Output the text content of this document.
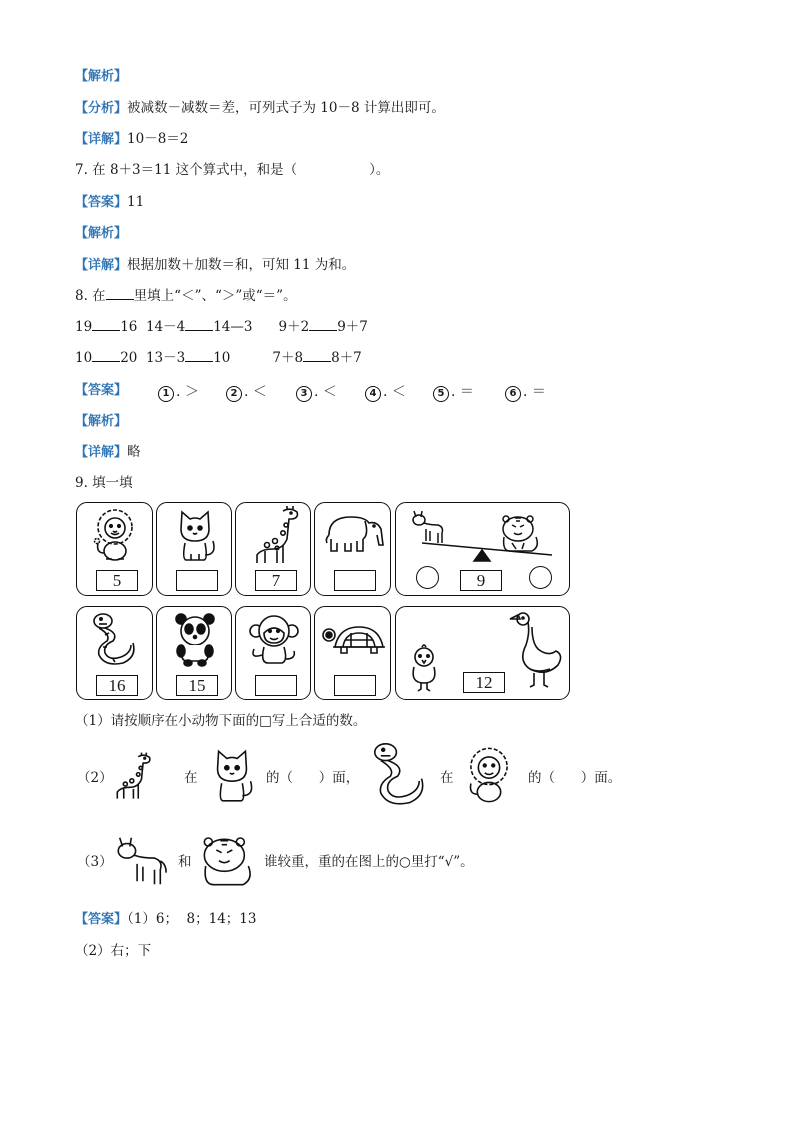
【解析】
【分析】被减数－减数＝差，可列式子为 10－8 计算出即可。
【详解】10－8＝2
7. 在 8＋3＝11 这个算式中，和是（	）。
【答案】11
【解析】
【详解】根据加数＋加数＝和，可知 11 为和。
8. 在 里填上“＜”、“＞”或“＝”。
19 16  14－4 14—3 9＋2 9＋7
10 20  13－3 10	7＋8 8＋7
【答案】	1 . ＞	2 . ＜	3 . ＜	4 . ＜	5 . ＝	6 . ＝
【解析】
【详解】略
9. 填一填
5	7	9
16	15	12
（1）请按顺序在小动物下面的□写上合适的数。
（2）	在	的（      ）面，	在	的（      ）面。
（3）	和	谁较重，重的在图上的○里打“√”。
【答案】（1）6；  8；14；13
（2）右；下
